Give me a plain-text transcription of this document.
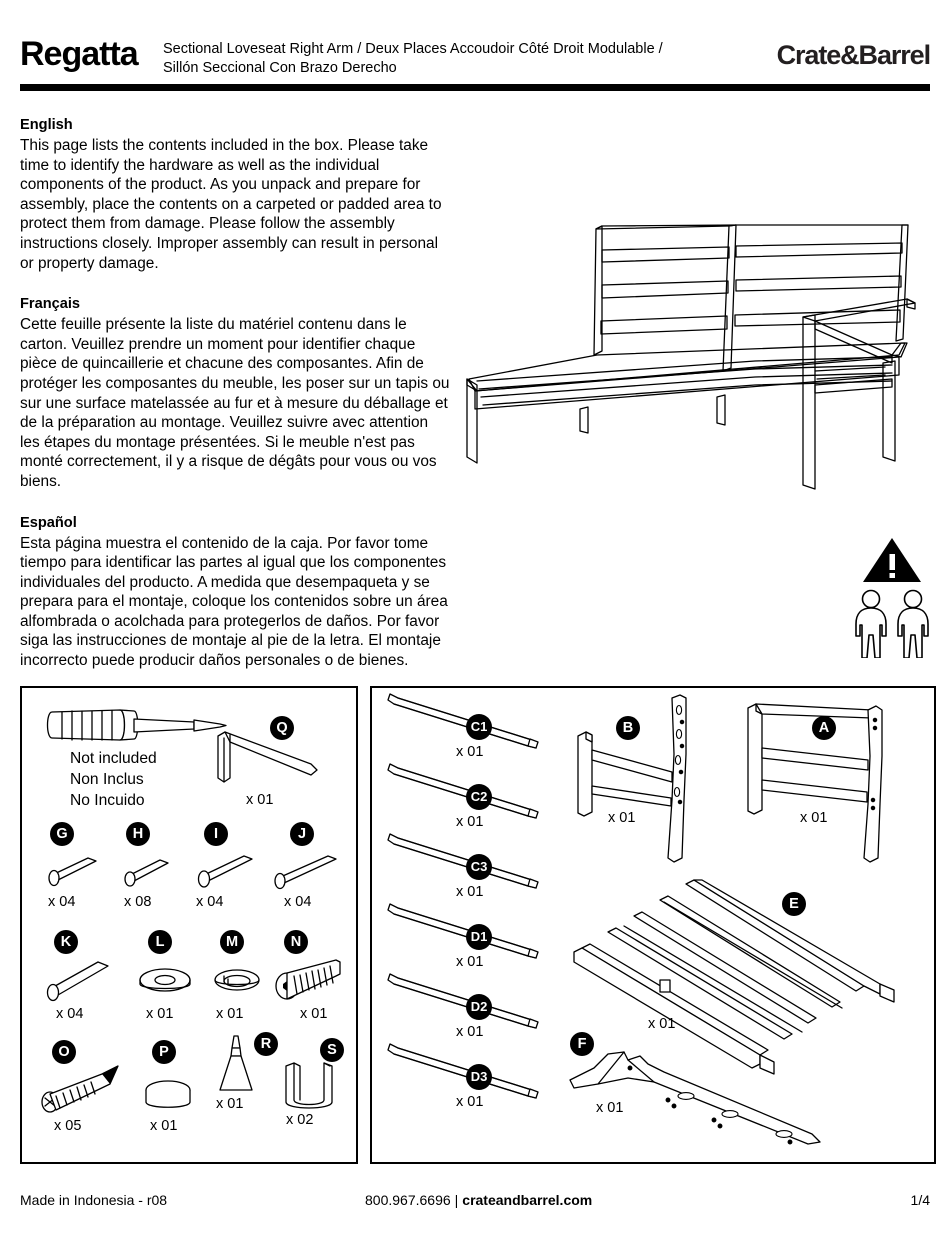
Regatta Sectional Loveseat Right Arm / Deux Places Accoudoir Côté Droit Modulable /
Sillón Seccional Con Brazo Derecho	Crate&Barrel

English

This page lists the contents included in the box. Please take time to identify the hardware as well as the individual components of the product. As you unpack and prepare for assembly, place the contents on a carpeted or padded area to protect them from damage. Please follow the assembly instructions closely. Improper assembly can result in personal or property damage.

Français

Cette feuille présente la liste du matériel contenu dans le carton. Veuillez prendre un moment pour identifier chaque pièce de quincaillerie et chacune des composantes. Afin de protéger les composantes du meuble, les poser sur un tapis ou sur une surface matelassée au fur et à mesure du déballage et de la préparation au montage. Veuillez suivre avec attention les étapes du montage présentées. Si le meuble n'est pas monté correctement, il y a risque de dégâts pour vous ou vos biens.

Español

Esta página muestra el contenido de la caja. Por favor tome tiempo para identificar las partes al igual que los componentes individuales del producto. A medida que desempaqueta y se prepara para el montaje, coloque los contenidos sobre un área alfombrada o acolchada para protegerlos de daños. Por favor siga las instrucciones de montaje al pie de la letra. El montaje incorrecto puede producir daños personales o de bienes.

Not included
Non Inclus
No Incuido
Q
x 01
G
x 04
H
x 08
I
x 04
J
x 04
K
x 04
L
x 01
M
x 01
N
x 01
O
x 05
P
x 01
R
x 01
S
x 02
C1
x 01
C2
x 01
C3
x 01
D1
x 01
D2
x 01
D3
x 01
B
x 01
A
x 01
E
x 01
F
x 01
Made in Indonesia - r08	800.967.6696 | crateandbarrel.com	1/4
